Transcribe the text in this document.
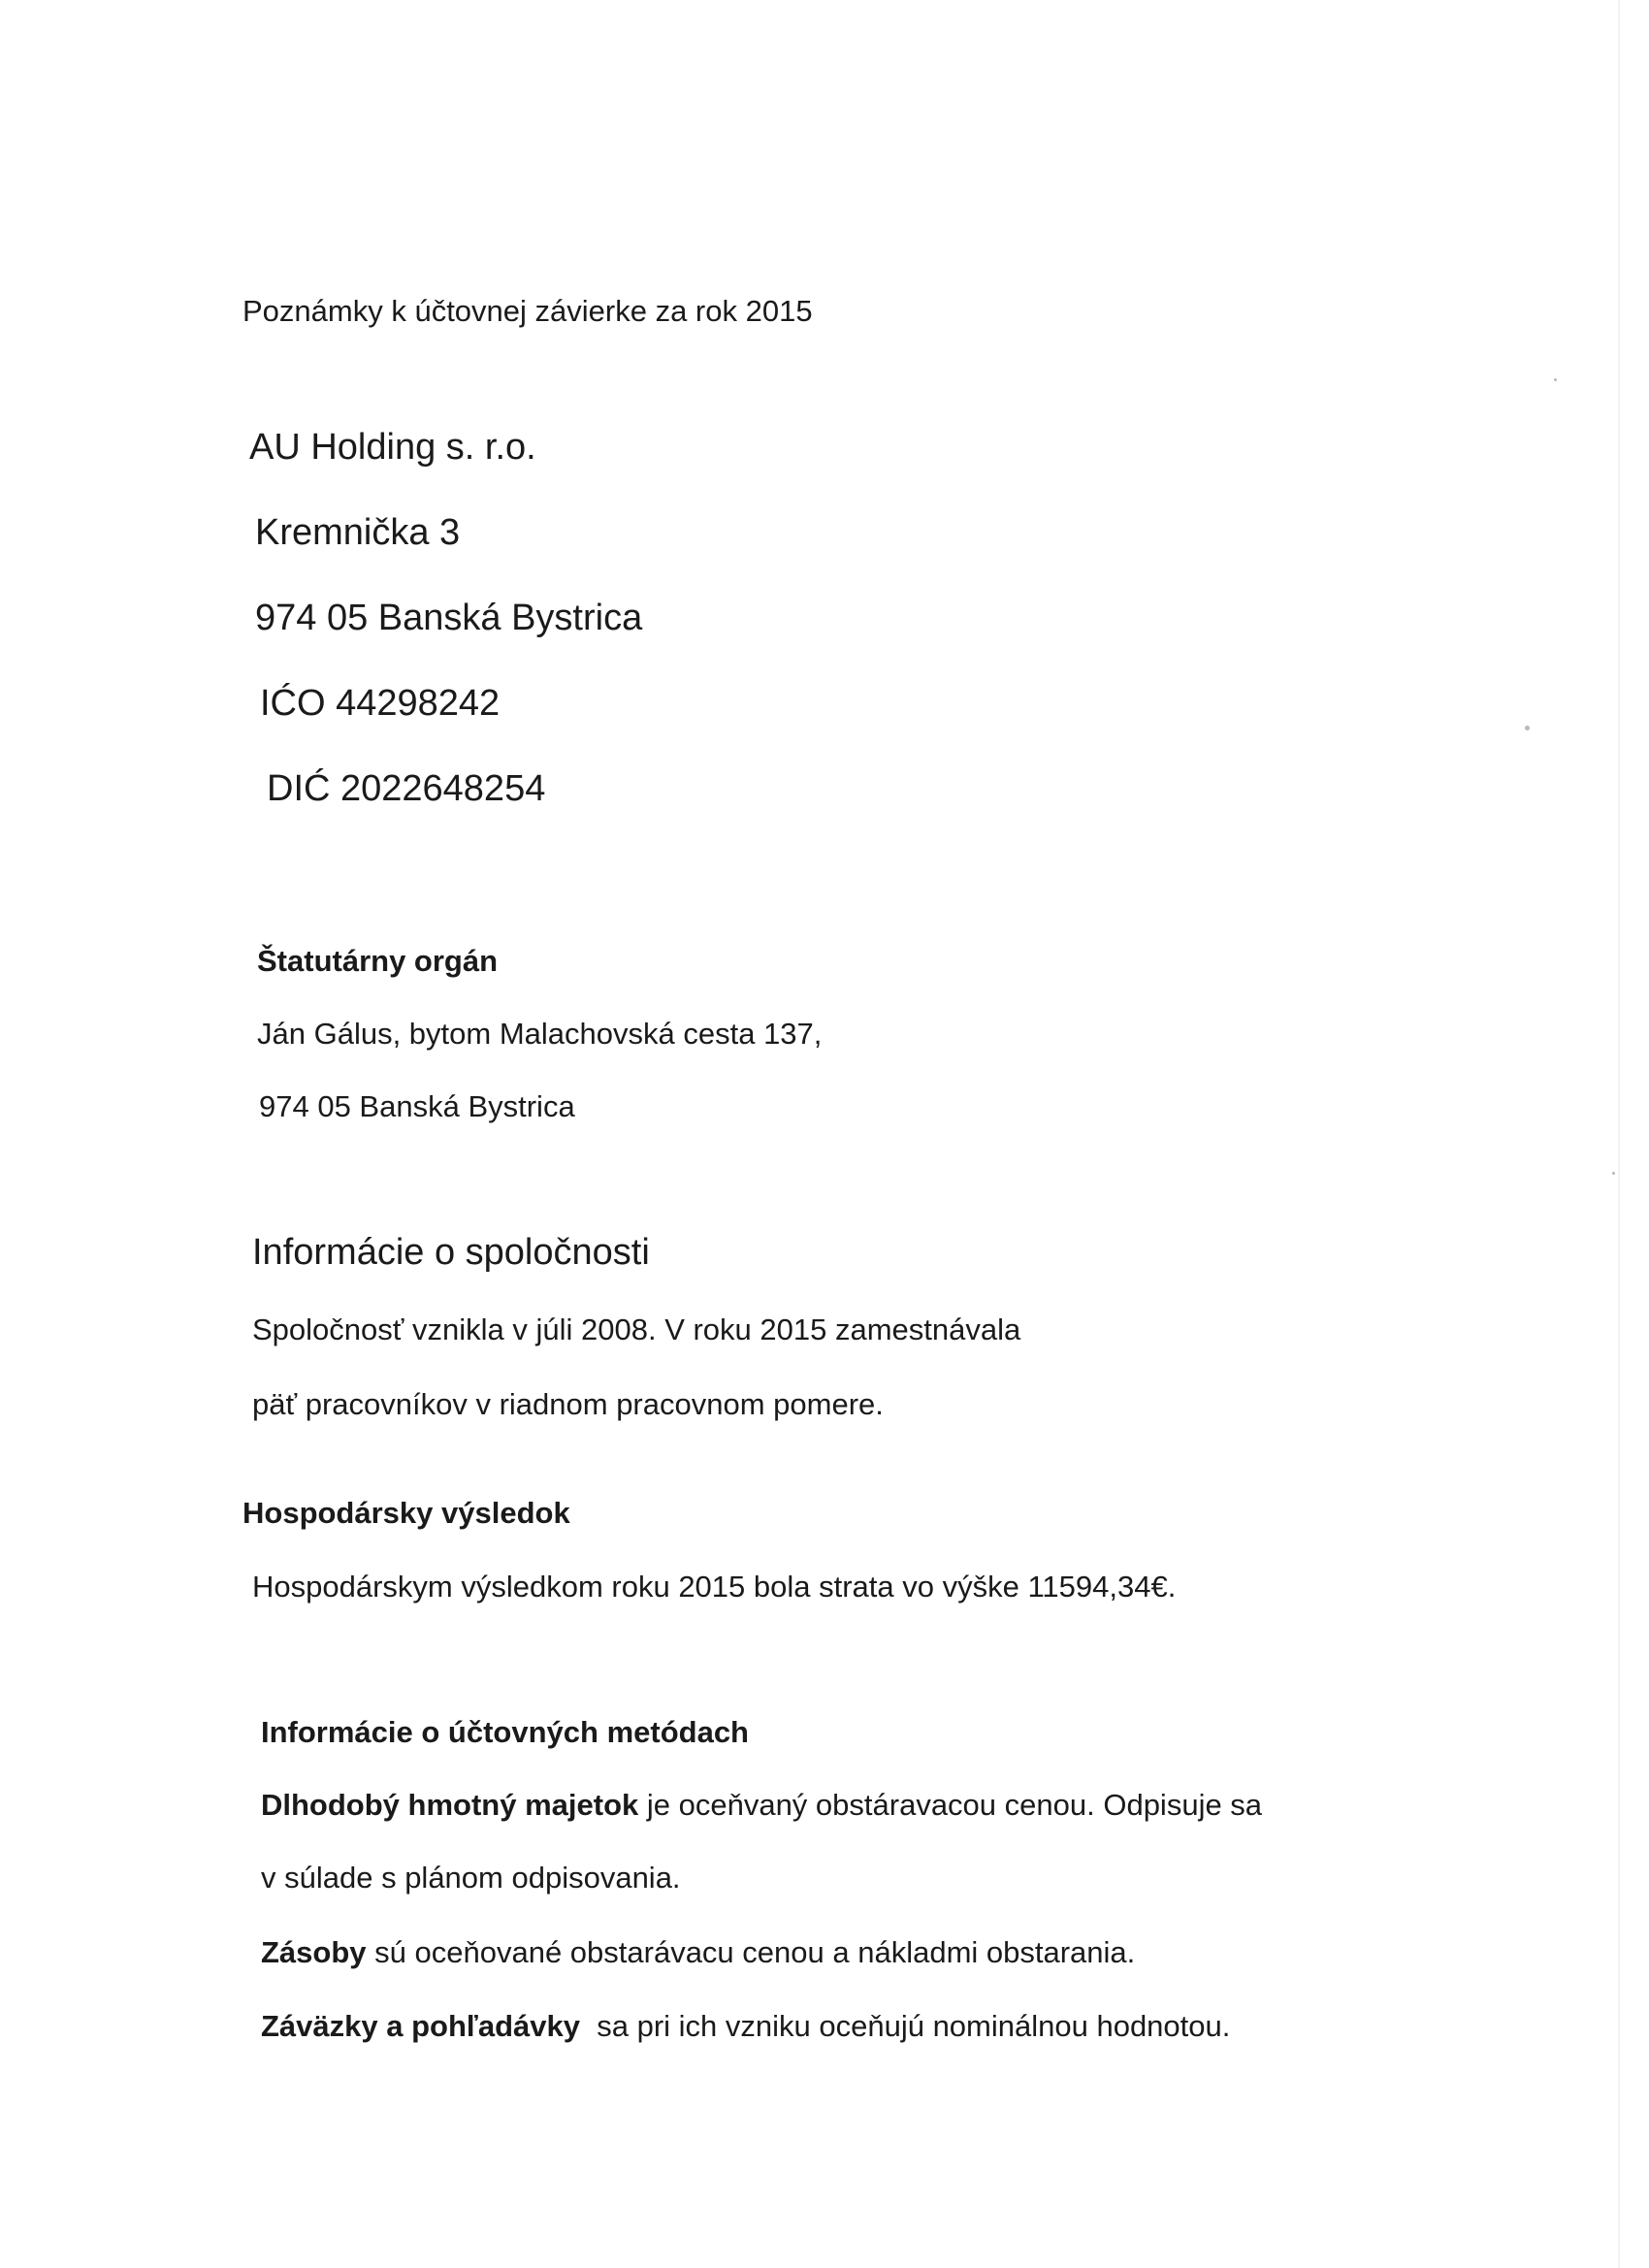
Poznámky k účtovnej závierke za rok 2015

AU Holding s. r.o.

Kremnička 3

974 05 Banská Bystrica

IĆO 44298242

DIĆ 2022648254

Štatutárny orgán

Ján Gálus, bytom Malachovská cesta 137,

974 05 Banská Bystrica

Informácie o spoločnosti

Spoločnosť vznikla v júli 2008. V roku 2015 zamestnávala

päť pracovníkov v riadnom pracovnom pomere.

Hospodársky výsledok

Hospodárskym výsledkom roku 2015 bola strata vo výške 11594,34€.

Informácie o účtovných metódach

Dlhodobý hmotný majetok je oceňvaný obstáravacou cenou. Odpisuje sa

v súlade s plánom odpisovania.

Zásoby sú oceňované obstarávacu cenou a nákladmi obstarania.

Záväzky a pohľadávky  sa pri ich vzniku oceňujú nominálnou hodnotou.
